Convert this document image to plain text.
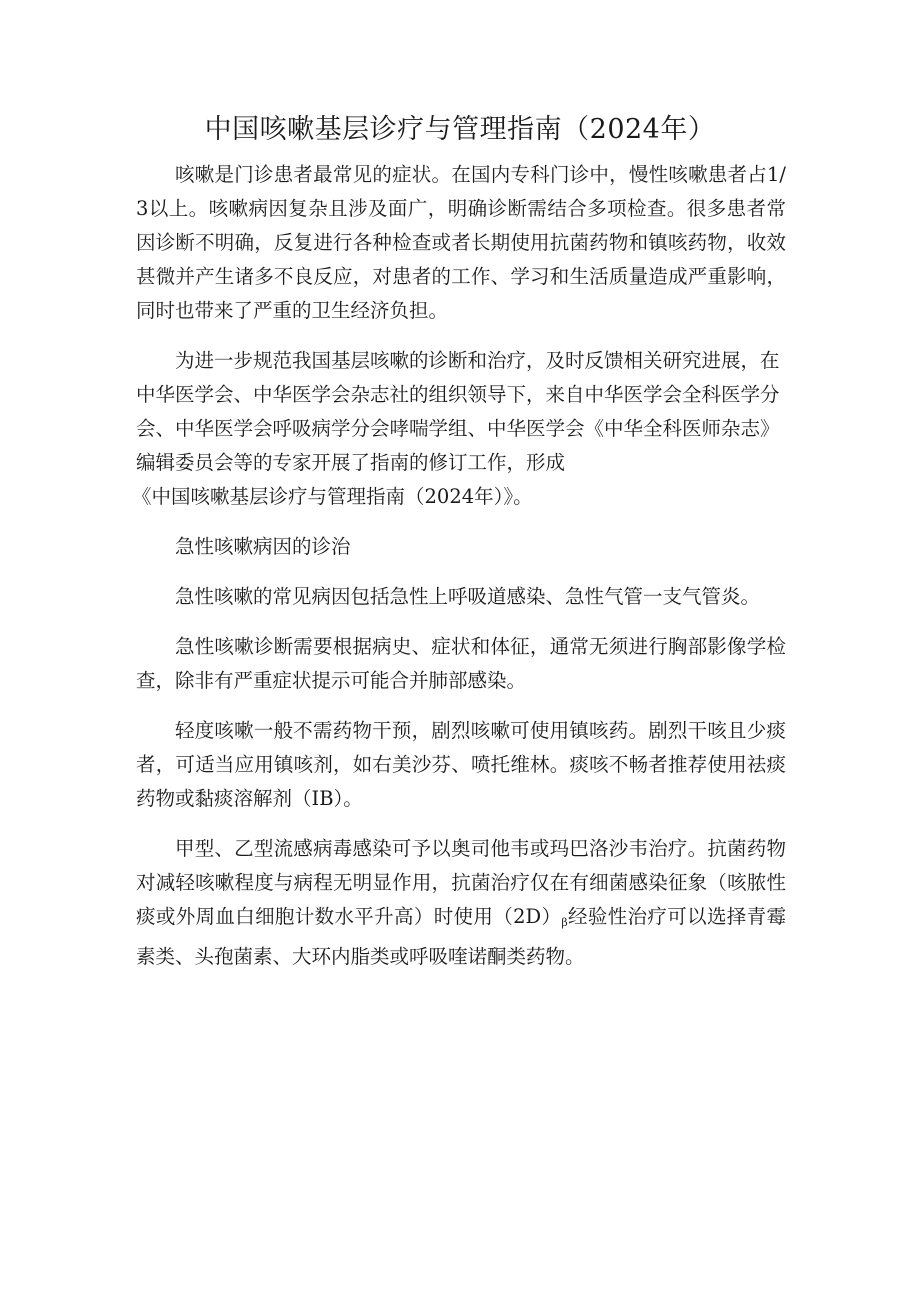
中国咳嗽基层诊疗与管理指南（2024年）

咳嗽是门诊患者最常见的症状。在国内专科门诊中，慢性咳嗽患者占1/3以上。咳嗽病因复杂且涉及面广，明确诊断需结合多项检查。很多患者常因诊断不明确，反复进行各种检查或者长期使用抗菌药物和镇咳药物，收效甚微并产生诸多不良反应，对患者的工作、学习和生活质量造成严重影响，同时也带来了严重的卫生经济负担。

为进一步规范我国基层咳嗽的诊断和治疗，及时反馈相关研究进展，在中华医学会、中华医学会杂志社的组织领导下，来自中华医学会全科医学分会、中华医学会呼吸病学分会哮喘学组、中华医学会《中华全科医师杂志》编辑委员会等的专家开展了指南的修订工作，形成
《中国咳嗽基层诊疗与管理指南（2024年）》。

急性咳嗽病因的诊治

急性咳嗽的常见病因包括急性上呼吸道感染、急性气管一支气管炎。

急性咳嗽诊断需要根据病史、症状和体征，通常无须进行胸部影像学检查，除非有严重症状提示可能合并肺部感染。

轻度咳嗽一般不需药物干预，剧烈咳嗽可使用镇咳药。剧烈干咳且少痰者，可适当应用镇咳剂，如右美沙芬、喷托维林。痰咳不畅者推荐使用祛痰药物或黏痰溶解剂（IB）。

甲型、乙型流感病毒感染可予以奥司他韦或玛巴洛沙韦治疗。抗菌药物对减轻咳嗽程度与病程无明显作用，抗菌治疗仅在有细菌感染征象（咳脓性痰或外周血白细胞计数水平升高）时使用$(2D)_\beta$经验性治疗可以选择青霉素类、头孢菌素、大环内脂类或呼吸喹诺酮类药物。
